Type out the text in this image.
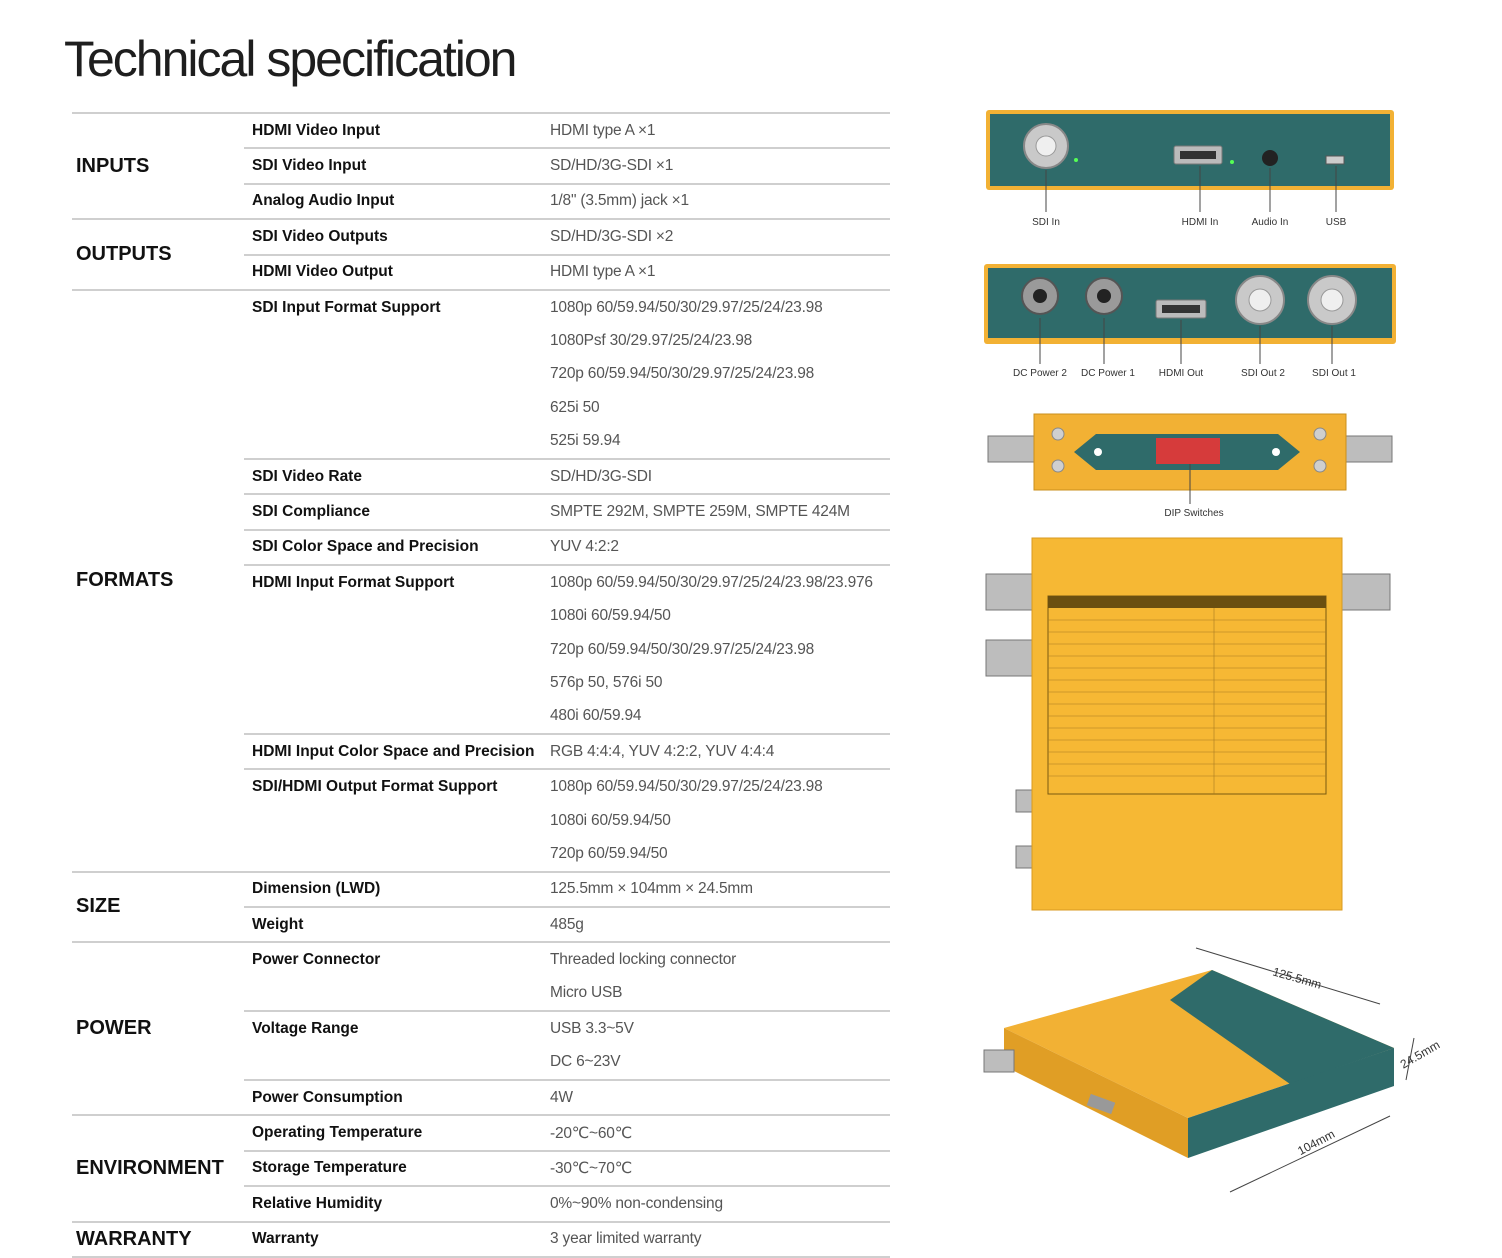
Technical specification
INPUTS
HDMI Video Input	HDMI type A ×1
SDI Video Input	SD/HD/3G-SDI ×1
Analog Audio Input	1/8" (3.5mm) jack ×1
OUTPUTS
SDI Video Outputs	SD/HD/3G-SDI ×2
HDMI Video Output	HDMI type A ×1
FORMATS
SDI Input Format Support	1080p 60/59.94/50/30/29.97/25/24/23.98
1080Psf 30/29.97/25/24/23.98
720p 60/59.94/50/30/29.97/25/24/23.98
625i 50
525i 59.94
SDI Video Rate	SD/HD/3G-SDI
SDI Compliance	SMPTE 292M, SMPTE 259M, SMPTE 424M
SDI Color Space and Precision	YUV 4:2:2
HDMI Input Format Support	1080p 60/59.94/50/30/29.97/25/24/23.98/23.976
1080i 60/59.94/50
720p 60/59.94/50/30/29.97/25/24/23.98
576p 50, 576i 50
480i 60/59.94
HDMI Input Color Space and Precision	RGB 4:4:4, YUV 4:2:2, YUV 4:4:4
SDI/HDMI Output Format Support	1080p 60/59.94/50/30/29.97/25/24/23.98
1080i 60/59.94/50
720p 60/59.94/50
SIZE
Dimension (LWD)	125.5mm × 104mm × 24.5mm
Weight	485g
POWER
Power Connector	Threaded locking connector
Micro USB
Voltage Range	USB 3.3~5V
DC 6~23V
Power Consumption	4W
ENVIRONMENT
Operating Temperature	-20℃~60℃
Storage Temperature	-30℃~70℃
Relative Humidity	0%~90% non-condensing
WARRANTY	Warranty	3 year limited warranty
SDI In	HDMI In	Audio In	USB
DC Power 2 DC Power 1 HDMI Out	SDI Out 2	SDI Out 1
DIP Switches
125.5mm
24.5mm
104mm
